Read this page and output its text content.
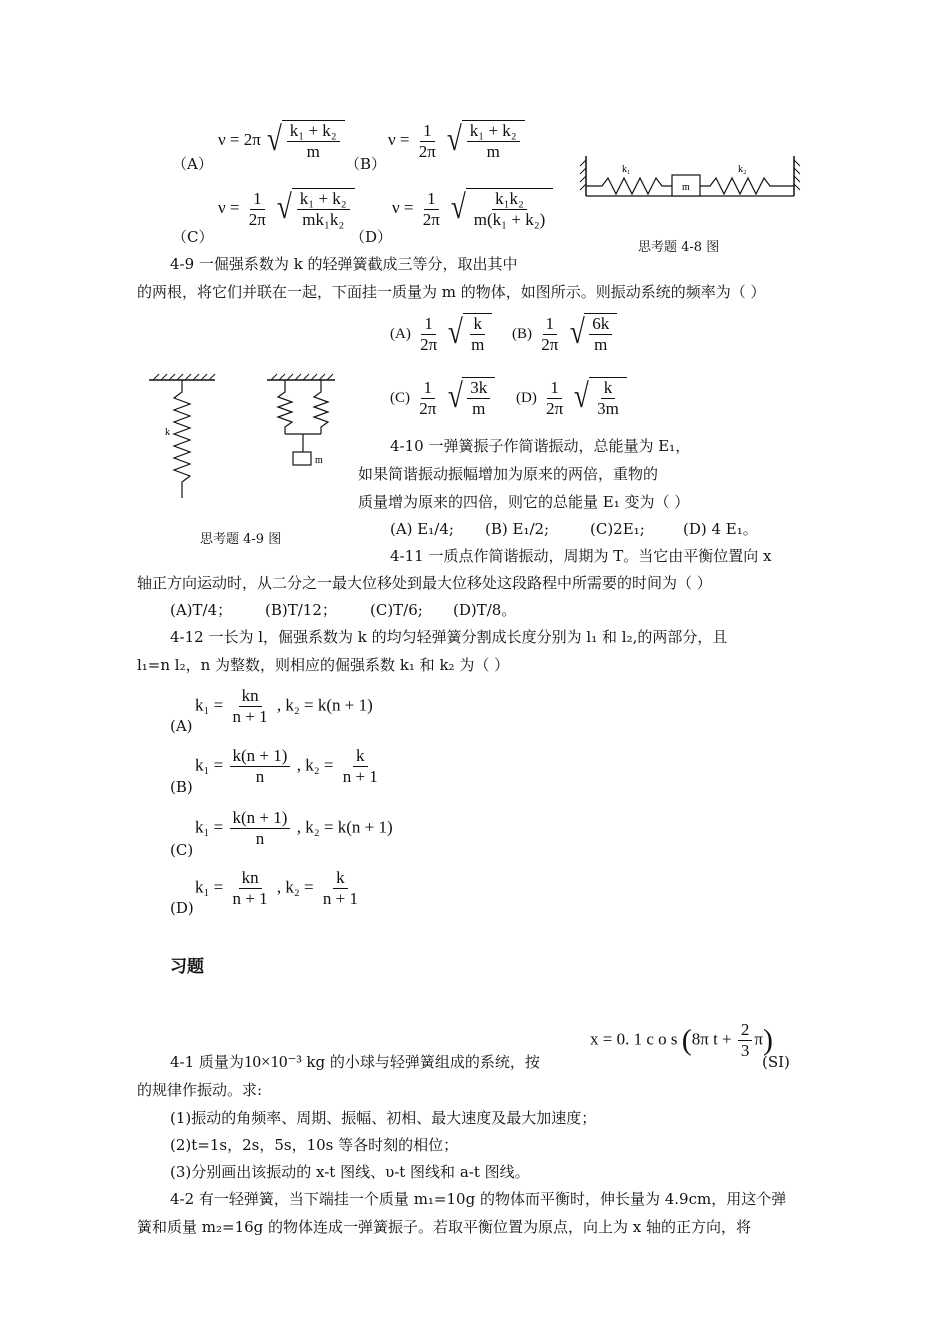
（A）
ν = 2π √ $\frac{\text{k₁ + k₂}}{m}$
（B）
$\nu = \frac{1}{2\pi}$
√ $\frac{\text{k₁ + k₂}}{m}$
（C）
$\nu = \frac{1}{2\pi}$
√ $\frac{\text{k₁ + k₂}}{\text{mk₁k₂}}$
（D）
$\nu = \frac{1}{2\pi}$
√ $\frac{\text{k₁k₂}}{\text{m(k₁ + k₂)}}$
k₁	k₂
m
思考题 4-8 图
4-9 一倔强系数为 k 的轻弹簧截成三等分，取出其中
的两根，将它们并联在一起，下面挂一质量为 m 的物体，如图所示。则振动系统的频率为（ ）
$(A) \frac{1}{2\pi}$
√ $\frac{k}{m} (B) \frac{1}{2\pi}$
√ $\frac{6k}{m}$
$(C) \frac{1}{2\pi}$
√ $\frac{3k}{m} (D) \frac{1}{2\pi}$
√ $\frac{k}{3m}$
k
m
思考题 4-9 图
4-10 一弹簧振子作简谐振动，总能量为 E₁，
如果简谐振动振幅增加为原来的两倍，重物的
质量增为原来的四倍，则它的总能量 E₁ 变为（ ）
(A) E₁/4; (B) E₁/2;	(C)2E₁;	(D) 4 E₁。
4-11 一质点作简谐振动，周期为 T。当它由平衡位置向 x
轴正方向运动时，从二分之一最大位移处到最大位移处这段路程中所需要的时间为（ ）
(A)T/4； (B)T/12； (C)T/6; (D)T/8。
4-12 一长为 l，倔强系数为 k 的均匀轻弹簧分割成长度分别为 l₁ 和 l₂,的两部分，且
l₁=n l₂，n 为整数，则相应的倔强系数 k₁ 和 k₂ 为（ ）
(A)
$k_1 = \frac{kn}{n + 1}$ , k₂ = k(n + 1)
(B)
$k_1 = \frac{k(n + 1)}{n}$ , $k_2 = \frac{k}{n + 1}$
(C)
$k_1 = \frac{k(n + 1)}{n}$ , k₂ = k(n + 1)
(D)
$k_1 = \frac{kn}{n + 1}$ , $k_2 = \frac{k}{n + 1}$
习题
4-1 质量为10×10⁻³ kg 的小球与轻弹簧组成的系统，按
x = 0. 1 c o s (8π $t + \frac{2}{3} \pi$)
(SI)
的规律作振动。求:
(1)振动的角频率、周期、振幅、初相、最大速度及最大加速度；
(2)t=1s，2s，5s，10s 等各时刻的相位；
(3)分别画出该振动的 x-t 图线、υ-t 图线和 a-t 图线。
4-2 有一轻弹簧，当下端挂一个质量 m₁=10g 的物体而平衡时，伸长量为 4.9cm，用这个弹
簧和质量 m₂=16g 的物体连成一弹簧振子。若取平衡位置为原点，向上为 x 轴的正方向，将
